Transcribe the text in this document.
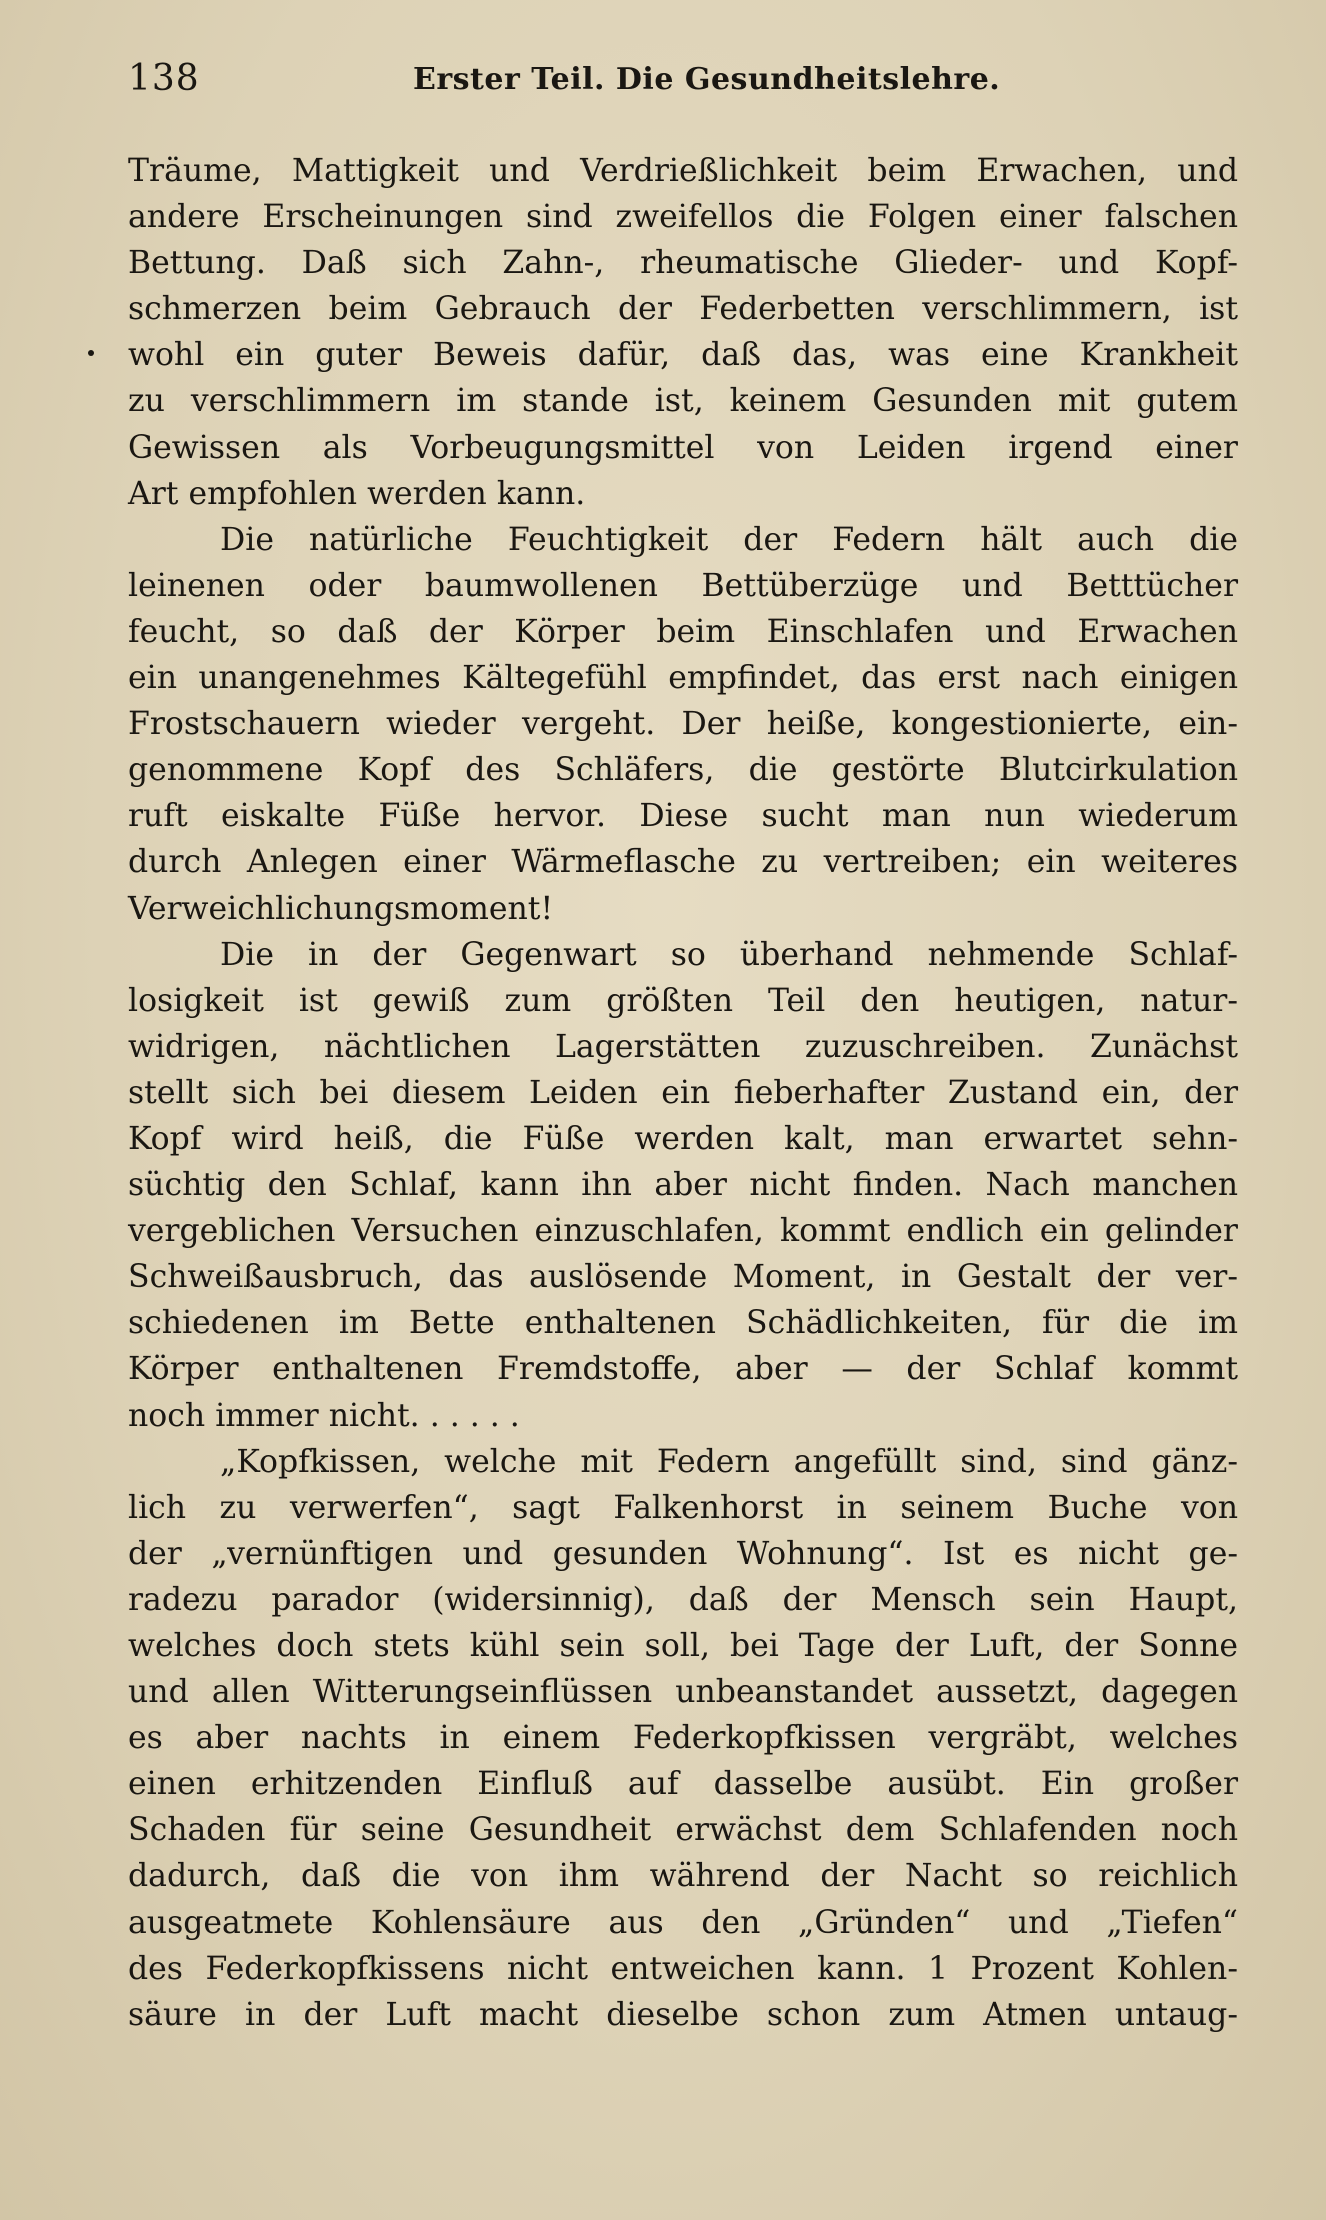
138	Erster Teil. Die Gesundheitslehre.
Träume, Mattigkeit und Verdrießlichkeit beim Erwachen, und
andere Erscheinungen sind zweifellos die Folgen einer falschen
Bettung. Daß sich Zahn-, rheumatische Glieder- und Kopf-
schmerzen beim Gebrauch der Federbetten verschlimmern, ist
wohl ein guter Beweis dafür, daß das, was eine Krankheit
zu verschlimmern im stande ist, keinem Gesunden mit gutem
Gewissen als Vorbeugungsmittel von Leiden irgend einer
Art empfohlen werden kann.
Die natürliche Feuchtigkeit der Federn hält auch die
leinenen oder baumwollenen Bettüberzüge und Betttücher
feucht, so daß der Körper beim Einschlafen und Erwachen
ein unangenehmes Kältegefühl empfindet, das erst nach einigen
Frostschauern wieder vergeht. Der heiße, kongestionierte, ein-
genommene Kopf des Schläfers, die gestörte Blutcirkulation
ruft eiskalte Füße hervor. Diese sucht man nun wiederum
durch Anlegen einer Wärmeflasche zu vertreiben; ein weiteres
Verweichlichungsmoment!
Die in der Gegenwart so überhand nehmende Schlaf-
losigkeit ist gewiß zum größten Teil den heutigen, natur-
widrigen, nächtlichen Lagerstätten zuzuschreiben. Zunächst
stellt sich bei diesem Leiden ein fieberhafter Zustand ein, der
Kopf wird heiß, die Füße werden kalt, man erwartet sehn-
süchtig den Schlaf, kann ihn aber nicht finden. Nach manchen
vergeblichen Versuchen einzuschlafen, kommt endlich ein gelinder
Schweißausbruch, das auslösende Moment, in Gestalt der ver-
schiedenen im Bette enthaltenen Schädlichkeiten, für die im
Körper enthaltenen Fremdstoffe, aber — der Schlaf kommt
noch immer nicht. . . . . .
„Kopfkissen, welche mit Federn angefüllt sind, sind gänz-
lich zu verwerfen“, sagt Falkenhorst in seinem Buche von
der „vernünftigen und gesunden Wohnung“. Ist es nicht ge-
radezu parador (widersinnig), daß der Mensch sein Haupt,
welches doch stets kühl sein soll, bei Tage der Luft, der Sonne
und allen Witterungseinflüssen unbeanstandet aussetzt, dagegen
es aber nachts in einem Federkopfkissen vergräbt, welches
einen erhitzenden Einfluß auf dasselbe ausübt. Ein großer
Schaden für seine Gesundheit erwächst dem Schlafenden noch
dadurch, daß die von ihm während der Nacht so reichlich
ausgeatmete Kohlensäure aus den „Gründen“ und „Tiefen“
des Federkopfkissens nicht entweichen kann. 1 Prozent Kohlen-
säure in der Luft macht dieselbe schon zum Atmen untaug-
